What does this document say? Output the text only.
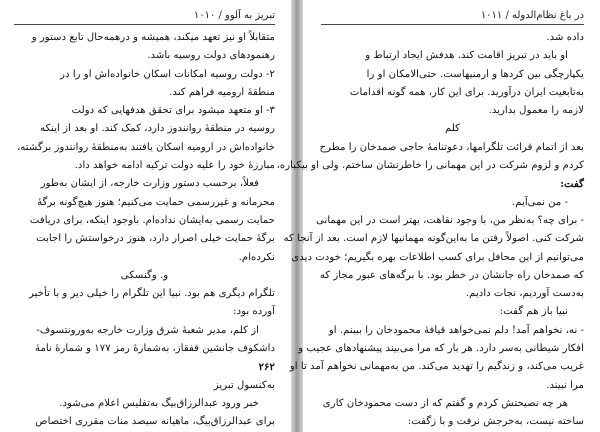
تبریز به آلوو / ۱۰۱۰
متقابلاً او نیز تعهد میکند، همیشه و درهمه‌حال تابع دستور و
رهنمودهای دولت روسیه باشد.
۲- دولت روسیه امکانات اسکان خانواده‌اش او را در
منطقهٔ ارومیه فراهم کند.
۳- او متعهد میشود برای تحقق هدفهایی که دولت
روسیه در منطقهٔ روانندوز دارد، کمک کند. او بعد از اینکه
خانواده‌اش در ارومیه اسکان یافتند به‌منطقهٔ روانندوز برگشته،
مبارزهٔ خود را علیه دولت ترکیه ادامه خواهد داد.
فعلاً، برحسب دستور وزارت خارجه، از ایشان به‌طور
محرمانه و غیررسمی حمایت می‌کنیم؛ هنوز هیچ‌گونه برگهٔ
حمایت رسمی به‌ایشان نداده‌ام. باوجود اینکه، برای دریافت
برگهٔ حمایت خیلی اصرار دارد، هنوز درخواستش را اجابت
نکرده‌ام.
و. وگنسکی
تلگرام دیگری هم بود. نبیا این تلگرام را خیلی دیر و با تأخیر
آورده بود:
از کلم، مدیر شعبهٔ شرق وزارت خارجه به‌ورونتسوف-
داشکوف جانشین قفقاز، به‌شمارهٔ رمز ۱۷۷ و شمارهٔ نامهٔ
۲۶۲
به‌کنسول تبریز
خبر ورود عبدالرزاق‌بیگ به‌تفلیس اعلام می‌شود.
برای عبدالرزاق‌بیگ، ماهیانه سیصد منات مقرری اختصاص
در باغ نظام‌الدوله / ۱۰۱۱
داده شد.
او باید در تبریز اقامت کند. هدفش ایجاد ارتباط و
یکپارچگی بین کردها و ارمنیهاست. حتی‌الامکان او را
به‌تابعیت ایران درآورید. برای این کار، همه گونه اقدامات
لازمه را معمول بدارید.
کلم
بعد از اتمام قرائت تلگرامها، دعوتنامهٔ حاجی صمدخان را مطرح
کردم و لزوم شرکت در این مهمانی را خاطرنشان ساختم. ولی او بیکباره،
گفت:
- من نمی‌آیم.
- برای چه؟ به‌نظر من، با وجود نقاهت، بهتر است در این مهمانی
شرکت کنی. اصولاً رفتن ما به‌این‌گونه مهمانیها لازم است. بعد از آنجا که
می‌توانیم از این محافل برای کسب اطلاعات بهره بگیریم؛ خودت دیدی
که صمدخان راه جانشان در خطر بود. با برگه‌های عبور مجاز که
به‌دست آوردیم، نجات دادیم.
نبیا باز هم گفت:
- نه، نخواهم آمد! دلم نمی‌خواهد قیافهٔ محمودخان را ببینم. او
افکار شیطانی به‌سر دارد. هر بار که مرا می‌بیند پیشنهادهای عجیب و
غریب می‌کند، و زندگیم را تهدید می‌کند. من به‌مهمانی نخواهم آمد تا او
مرا نبیند.
هر چه نصیحتش کردم و گفتم که از دست محمودخان کاری
ساخته نیست، به‌خرجش نرفت و با زگفت:
